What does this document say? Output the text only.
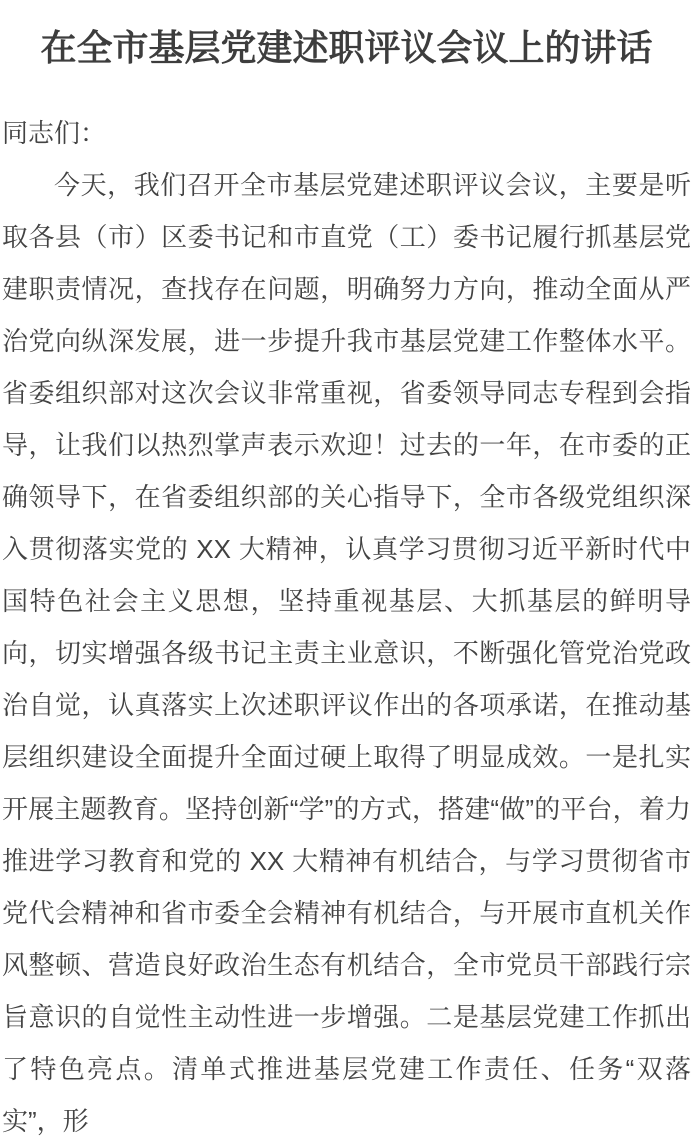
在全市基层党建述职评议会议上的讲话

同志们：

今天，我们召开全市基层党建述职评议会议，主要是听取各县（市）区委书记和市直党（工）委书记履行抓基层党建职责情况，查找存在问题，明确努力方向，推动全面从严治党向纵深发展，进一步提升我市基层党建工作整体水平。省委组织部对这次会议非常重视，省委领导同志专程到会指导，让我们以热烈掌声表示欢迎！过去的一年，在市委的正确领导下，在省委组织部的关心指导下，全市各级党组织深入贯彻落实党的 XX 大精神，认真学习贯彻习近平新时代中国特色社会主义思想，坚持重视基层、大抓基层的鲜明导向，切实增强各级书记主责主业意识，不断强化管党治党政治自觉，认真落实上次述职评议作出的各项承诺，在推动基层组织建设全面提升全面过硬上取得了明显成效。一是扎实开展主题教育。坚持创新“学”的方式，搭建“做”的平台，着力推进学习教育和党的 XX 大精神有机结合，与学习贯彻省市党代会精神和省市委全会精神有机结合，与开展市直机关作风整顿、营造良好政治生态有机结合，全市党员干部践行宗旨意识的自觉性主动性进一步增强。二是基层党建工作抓出了特色亮点。清单式推进基层党建工作责任、任务“双落实”，形
